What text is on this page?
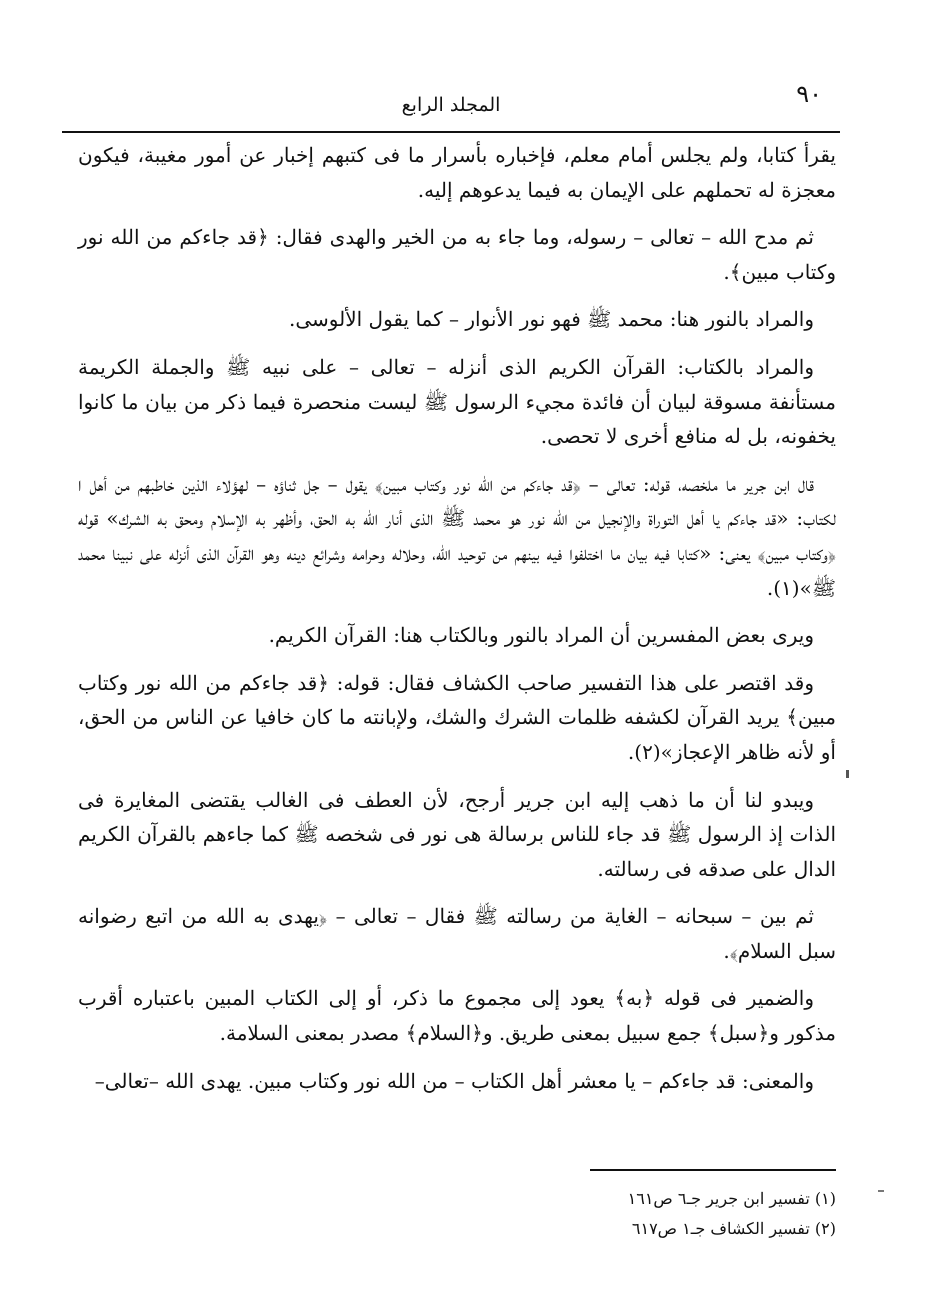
٩٠
المجلد الرابع

يقرأ كتابا، ولم يجلس أمام معلم، فإخباره بأسرار ما فى كتبهم إخبار عن أمور مغيبة، فيكون معجزة له تحملهم على الإيمان به فيما يدعوهم إليه.

ثم مدح الله – تعالى – رسوله، وما جاء به من الخير والهدى فقال: ﴿قد جاءكم من الله نور وكتاب مبين﴾.

والمراد بالنور هنا: محمد ﷺ فهو نور الأنوار – كما يقول الألوسى.

والمراد بالكتاب: القرآن الكريم الذى أنزله – تعالى – على نبيه ﷺ والجملة الكريمة مستأنفة مسوقة لبيان أن فائدة مجيء الرسول ﷺ ليست منحصرة فيما ذكر من بيان ما كانوا يخفونه، بل له منافع أخرى لا تحصى.

قال ابن جرير ما ملخصه، قوله: تعالى – ﴿قد جاءكم من الله نور وكتاب مبين﴾ يقول – جل ثناؤه – لهؤلاء الذين خاطبهم من أهل ا لكتاب: «قد جاءكم يا أهل التوراة والإنجيل من الله نور هو محمد ﷺ الذى أنار الله به الحق، وأظهر به الإسلام ومحق به الشرك» قوله ﴿وكتاب مبين﴾ يعنى: «كتابا فيه بيان ما اختلفوا فيه بينهم من توحيد الله، وحلاله وحرامه وشرائع دينه وهو القرآن الذى أنزله على نبينا محمد ﷺ»(١).

ويرى بعض المفسرين أن المراد بالنور وبالكتاب هنا: القرآن الكريم.

وقد اقتصر على هذا التفسير صاحب الكشاف فقال: قوله: ﴿قد جاءكم من الله نور وكتاب مبين﴾ يريد القرآن لكشفه ظلمات الشرك والشك، ولإبانته ما كان خافيا عن الناس من الحق، أو لأنه ظاهر الإعجاز»(٢).

ويبدو لنا أن ما ذهب إليه ابن جرير أرجح، لأن العطف فى الغالب يقتضى المغايرة فى الذات إذ الرسول ﷺ قد جاء للناس برسالة هى نور فى شخصه ﷺ كما جاءهم بالقرآن الكريم الدال على صدقه فى رسالته.

ثم بين – سبحانه – الغاية من رسالته ﷺ فقال – تعالى – ﴿يهدى به الله من اتبع رضوانه سبل السلام﴾.

والضمير فى قوله ﴿به﴾ يعود إلى مجموع ما ذكر، أو إلى الكتاب المبين باعتباره أقرب مذكور و﴿سبل﴾ جمع سبيل بمعنى طريق. و﴿السلام﴾ مصدر بمعنى السلامة.

والمعنى: قد جاءكم – يا معشر أهل الكتاب – من الله نور وكتاب مبين. يهدى الله –تعالى–

(١) تفسير ابن جرير جـ٦ ص١٦١

(٢) تفسير الكشاف جـ١ ص٦١٧
